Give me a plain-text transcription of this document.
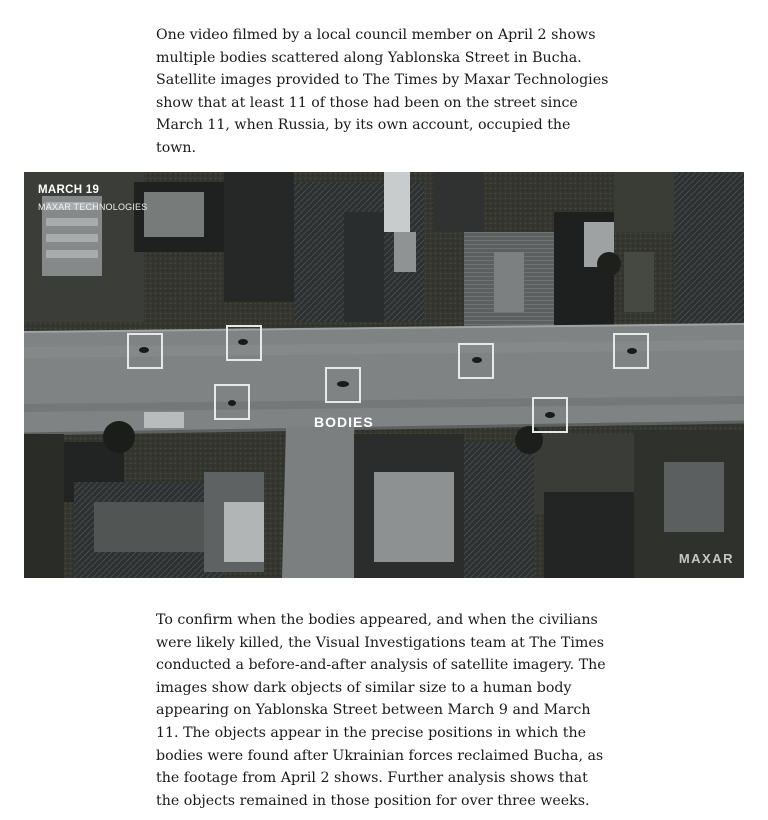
One video filmed by a local council member on April 2 shows multiple bodies scattered along Yablonska Street in Bucha. Satellite images provided to The Times by Maxar Technologies show that at least 11 of those had been on the street since March 11, when Russia, by its own account, occupied the town.

MARCH 19
MAXAR TECHNOLOGIES
BODIES
MAXAR

To confirm when the bodies appeared, and when the civilians were likely killed, the Visual Investigations team at The Times conducted a before-and-after analysis of satellite imagery. The images show dark objects of similar size to a human body appearing on Yablonska Street between March 9 and March 11. The objects appear in the precise positions in which the bodies were found after Ukrainian forces reclaimed Bucha, as the footage from April 2 shows. Further analysis shows that the objects remained in those position for over three weeks.
